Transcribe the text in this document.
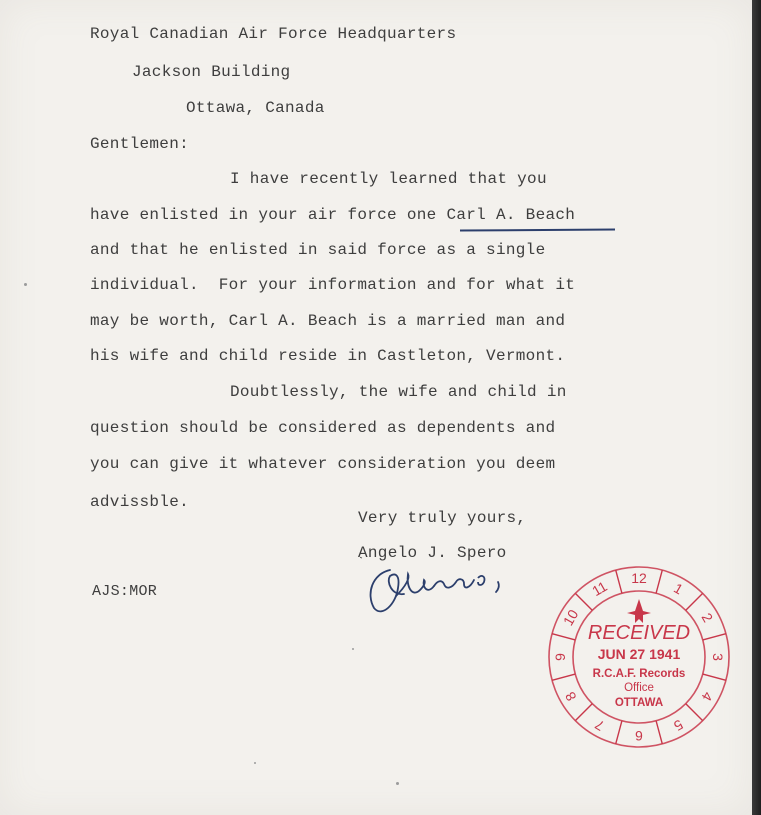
Royal Canadian Air Force Headquarters
Jackson Building
Ottawa, Canada
Gentlemen:
I have recently learned that you
have enlisted in your air force one Carl A. Beach
and that he enlisted in said force as a single
individual.  For your information and for what it
may be worth, Carl A. Beach is a married man and
his wife and child reside in Castleton, Vermont.
Doubtlessly, the wife and child in
question should be considered as dependents and
you can give it whatever consideration you deem
advissble.
Very truly yours,
Angelo J. Spero
AJS:MOR	1
2
3
4
5
6
7
8
9
10
11
12
RECEIVED
JUN 27 1941
R.C.A.F. Records
Office
OTTAWA
